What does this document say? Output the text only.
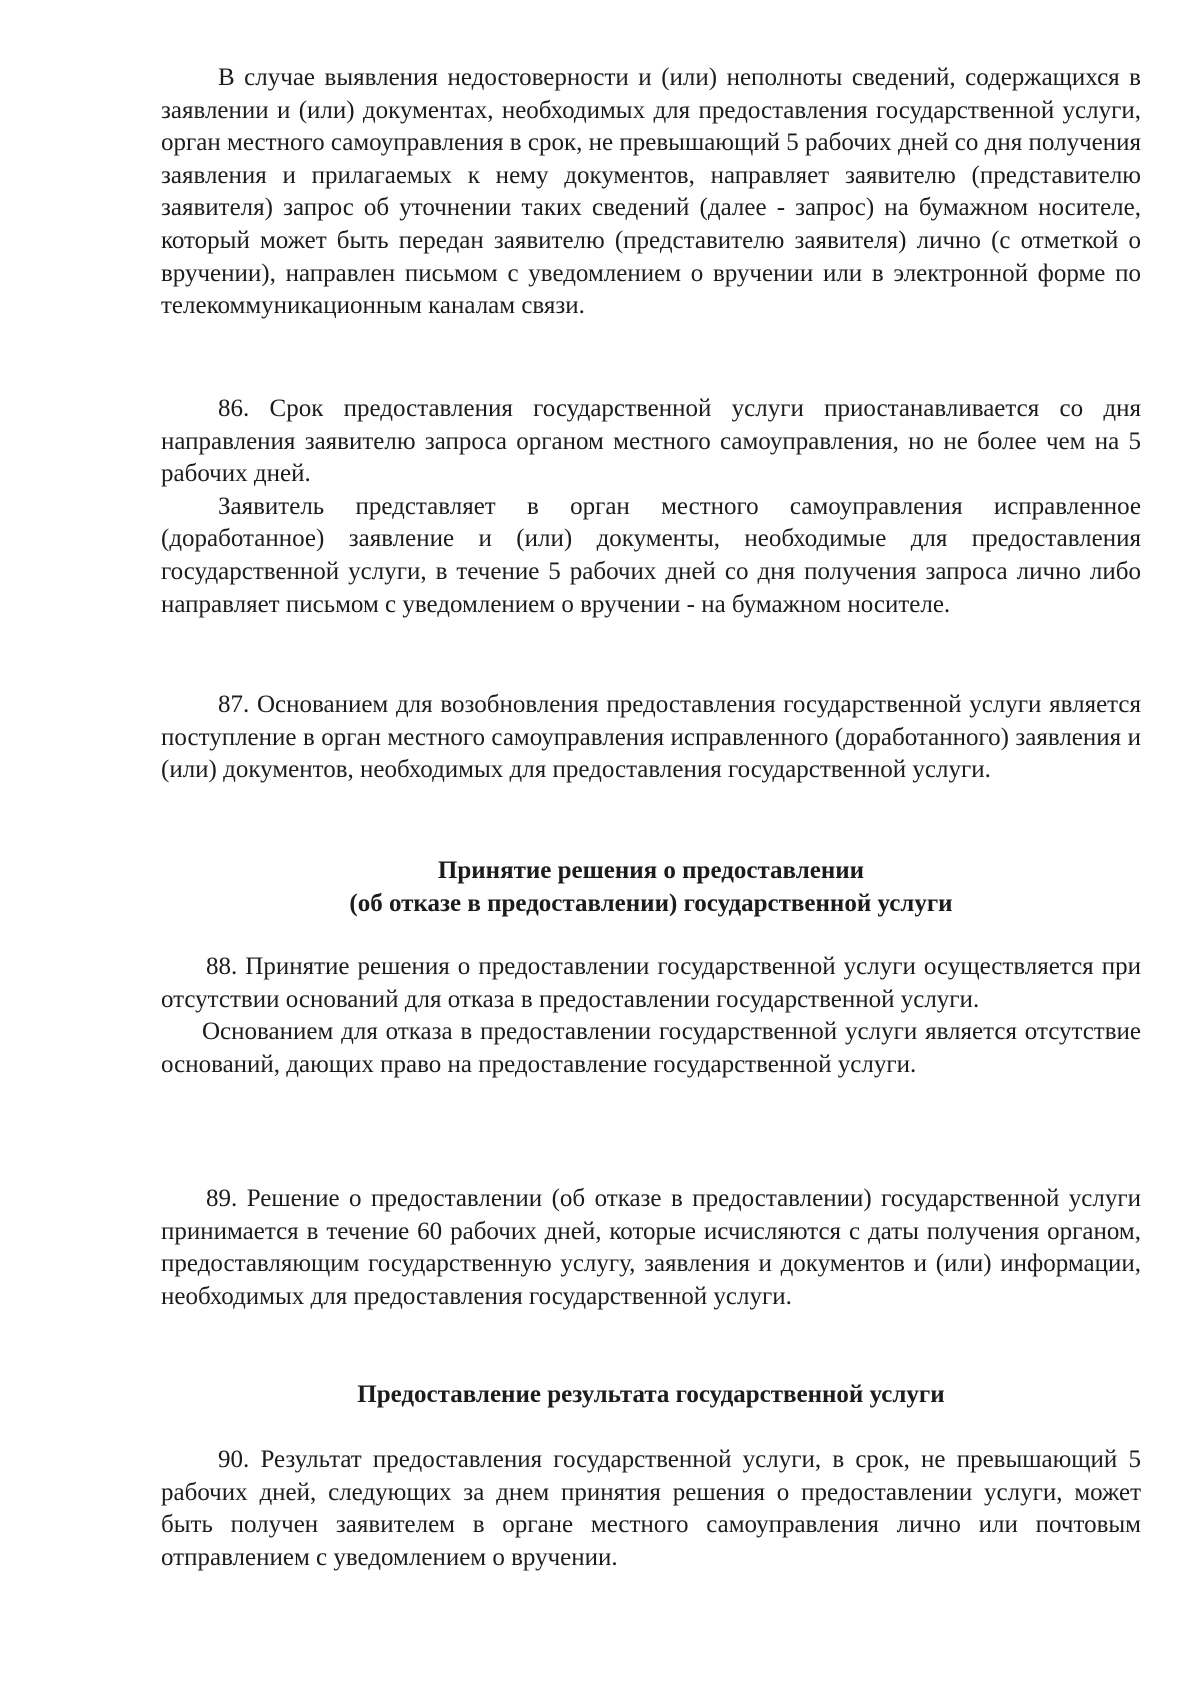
В случае выявления недостоверности и (или) неполноты сведений, содержащихся в заявлении и (или) документах, необходимых для предоставления государственной услуги, орган местного самоуправления в срок, не превышающий 5 рабочих дней со дня получения заявления и прилагаемых к нему документов, направляет заявителю (представителю заявителя) запрос об уточнении таких сведений (далее - запрос) на бумажном носителе, который может быть передан заявителю (представителю заявителя) лично (с отметкой о вручении), направлен письмом с уведомлением о вручении или в электронной форме по телекоммуникационным каналам связи.

86. Срок предоставления государственной услуги приостанавливается со дня направления заявителю запроса органом местного самоуправления, но не более чем на 5 рабочих дней.

Заявитель представляет в орган местного самоуправления исправленное (доработанное) заявление и (или) документы, необходимые для предоставления государственной услуги, в течение 5 рабочих дней со дня получения запроса лично либо направляет письмом с уведомлением о вручении - на бумажном носителе.

87. Основанием для возобновления предоставления государственной услуги является поступление в орган местного самоуправления исправленного (доработанного) заявления и (или) документов, необходимых для предоставления государственной услуги.

Принятие решения о предоставлении
(об отказе в предоставлении) государственной услуги

88. Принятие решения о предоставлении государственной услуги осуществляется при отсутствии оснований для отказа в предоставлении государственной услуги.

Основанием для отказа в предоставлении государственной услуги является отсутствие оснований, дающих право на предоставление государственной услуги.

89. Решение о предоставлении (об отказе в предоставлении) государственной услуги принимается в течение 60 рабочих дней, которые исчисляются с даты получения органом, предоставляющим государственную услугу, заявления и документов и (или) информации, необходимых для предоставления государственной услуги.

Предоставление результата государственной услуги

90. Результат предоставления государственной услуги, в срок, не превышающий 5 рабочих дней, следующих за днем принятия решения о предоставлении услуги, может быть получен заявителем в органе местного самоуправления лично или почтовым отправлением с уведомлением о вручении.
